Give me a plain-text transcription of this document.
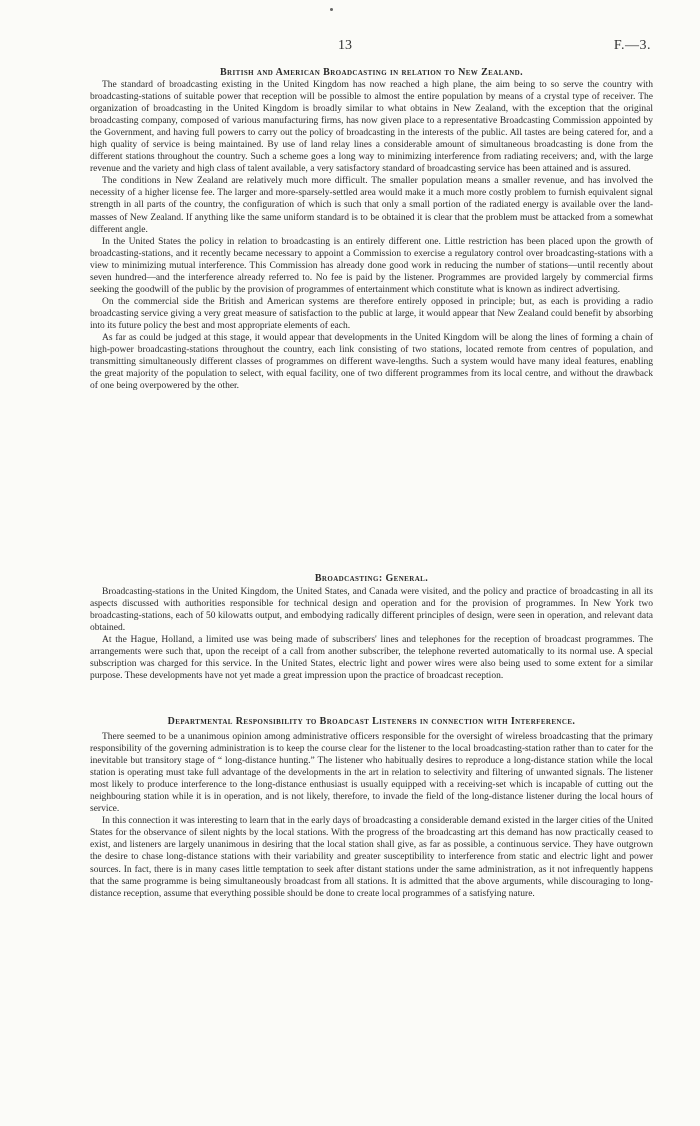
13	F.—3.
British and American Broadcasting in relation to New Zealand.

The standard of broadcasting existing in the United Kingdom has now reached a high plane, the aim being to so serve the country with broadcasting-stations of suitable power that reception will be possible to almost the entire population by means of a crystal type of receiver. The organization of broadcasting in the United Kingdom is broadly similar to what obtains in New Zealand, with the exception that the original broadcasting company, composed of various manufacturing firms, has now given place to a representative Broadcasting Commission appointed by the Government, and having full powers to carry out the policy of broadcasting in the interests of the public. All tastes are being catered for, and a high quality of service is being maintained. By use of land relay lines a considerable amount of simultaneous broadcasting is done from the different stations throughout the country. Such a scheme goes a long way to minimizing interference from radiating receivers; and, with the large revenue and the variety and high class of talent available, a very satisfactory standard of broadcasting service has been attained and is assured.

The conditions in New Zealand are relatively much more difficult. The smaller population means a smaller revenue, and has involved the necessity of a higher license fee. The larger and more-sparsely-settled area would make it a much more costly problem to furnish equivalent signal strength in all parts of the country, the configuration of which is such that only a small portion of the radiated energy is available over the land-masses of New Zealand. If anything like the same uniform standard is to be obtained it is clear that the problem must be attacked from a somewhat different angle.

In the United States the policy in relation to broadcasting is an entirely different one. Little restriction has been placed upon the growth of broadcasting-stations, and it recently became necessary to appoint a Commission to exercise a regulatory control over broadcasting-stations with a view to minimizing mutual interference. This Commission has already done good work in reducing the number of stations—until recently about seven hundred—and the interference already referred to. No fee is paid by the listener. Programmes are provided largely by commercial firms seeking the goodwill of the public by the provision of programmes of entertainment which constitute what is known as indirect advertising.

On the commercial side the British and American systems are therefore entirely opposed in principle; but, as each is providing a radio broadcasting service giving a very great measure of satisfaction to the public at large, it would appear that New Zealand could benefit by absorbing into its future policy the best and most appropriate elements of each.

As far as could be judged at this stage, it would appear that developments in the United Kingdom will be along the lines of forming a chain of high-power broadcasting-stations throughout the country, each link consisting of two stations, located remote from centres of population, and transmitting simultaneously different classes of programmes on different wave-lengths. Such a system would have many ideal features, enabling the great majority of the population to select, with equal facility, one of two different programmes from its local centre, and without the drawback of one being overpowered by the other.

Broadcasting: General.

Broadcasting-stations in the United Kingdom, the United States, and Canada were visited, and the policy and practice of broadcasting in all its aspects discussed with authorities responsible for technical design and operation and for the provision of programmes. In New York two broadcasting-stations, each of 50 kilowatts output, and embodying radically different principles of design, were seen in operation, and relevant data obtained.

At the Hague, Holland, a limited use was being made of subscribers' lines and telephones for the reception of broadcast programmes. The arrangements were such that, upon the receipt of a call from another subscriber, the telephone reverted automatically to its normal use. A special subscription was charged for this service. In the United States, electric light and power wires were also being used to some extent for a similar purpose. These developments have not yet made a great impression upon the practice of broadcast reception.

Departmental Responsibility to Broadcast Listeners in connection with Interference.

There seemed to be a unanimous opinion among administrative officers responsible for the oversight of wireless broadcasting that the primary responsibility of the governing administration is to keep the course clear for the listener to the local broadcasting-station rather than to cater for the inevitable but transitory stage of “ long-distance hunting.” The listener who habitually desires to reproduce a long-distance station while the local station is operating must take full advantage of the developments in the art in relation to selectivity and filtering of unwanted signals. The listener most likely to produce interference to the long-distance enthusiast is usually equipped with a receiving-set which is incapable of cutting out the neighbouring station while it is in operation, and is not likely, therefore, to invade the field of the long-distance listener during the local hours of service.

In this connection it was interesting to learn that in the early days of broadcasting a considerable demand existed in the larger cities of the United States for the observance of silent nights by the local stations. With the progress of the broadcasting art this demand has now practically ceased to exist, and listeners are largely unanimous in desiring that the local station shall give, as far as possible, a continuous service. They have outgrown the desire to chase long-distance stations with their variability and greater susceptibility to interference from static and electric light and power sources. In fact, there is in many cases little temptation to seek after distant stations under the same administration, as it not infrequently happens that the same programme is being simultaneously broadcast from all stations. It is admitted that the above arguments, while discouraging to long-distance reception, assume that everything possible should be done to create local programmes of a satisfying nature.
